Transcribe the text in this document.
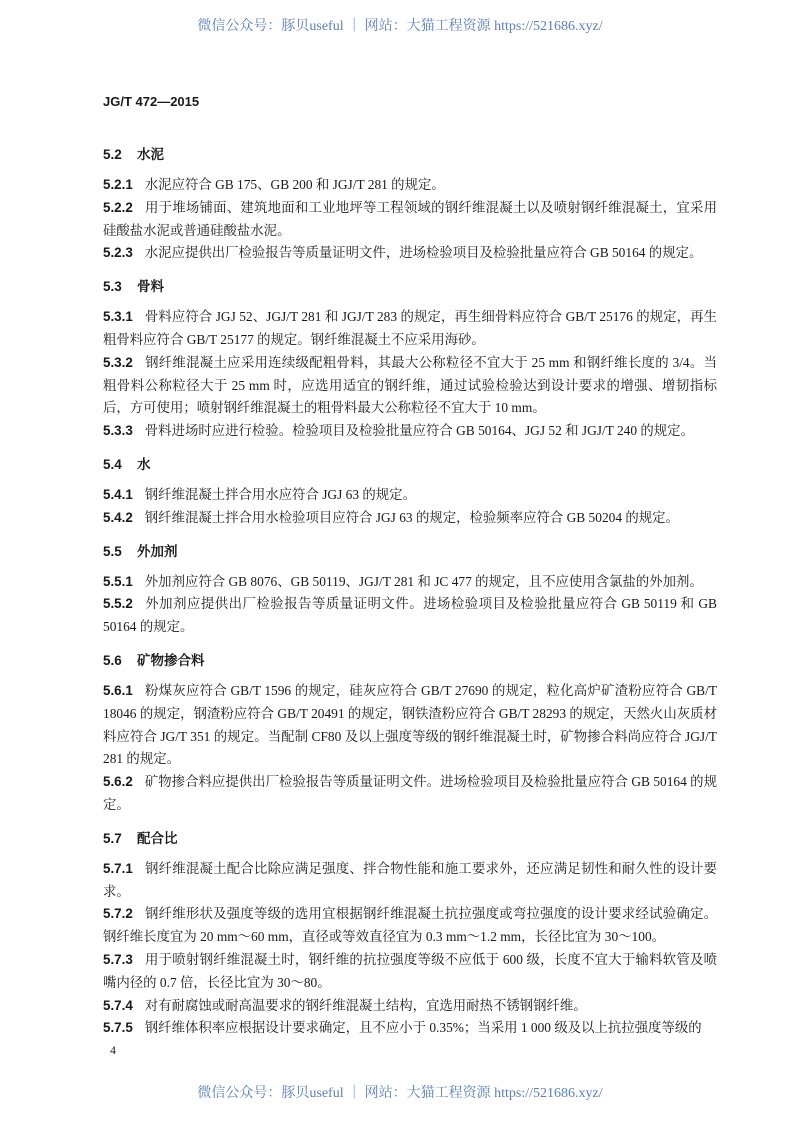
微信公众号：豚贝useful ｜ 网站：大猫工程资源 https://521686.xyz/
JG/T 472—2015
5.2 水泥
5.2.1 水泥应符合 GB 175、GB 200 和 JGJ/T 281 的规定。
5.2.2 用于堆场铺面、建筑地面和工业地坪等工程领域的钢纤维混凝土以及喷射钢纤维混凝土，宜采用硅酸盐水泥或普通硅酸盐水泥。
5.2.3 水泥应提供出厂检验报告等质量证明文件，进场检验项目及检验批量应符合 GB 50164 的规定。
5.3 骨料
5.3.1 骨料应符合 JGJ 52、JGJ/T 281 和 JGJ/T 283 的规定，再生细骨料应符合 GB/T 25176 的规定，再生粗骨料应符合 GB/T 25177 的规定。钢纤维混凝土不应采用海砂。
5.3.2 钢纤维混凝土应采用连续级配粗骨料，其最大公称粒径不宜大于 25 mm 和钢纤维长度的 3/4。当粗骨料公称粒径大于 25 mm 时，应选用适宜的钢纤维，通过试验检验达到设计要求的增强、增韧指标后，方可使用；喷射钢纤维混凝土的粗骨料最大公称粒径不宜大于 10 mm。
5.3.3 骨料进场时应进行检验。检验项目及检验批量应符合 GB 50164、JGJ 52 和 JGJ/T 240 的规定。
5.4 水
5.4.1 钢纤维混凝土拌合用水应符合 JGJ 63 的规定。
5.4.2 钢纤维混凝土拌合用水检验项目应符合 JGJ 63 的规定，检验频率应符合 GB 50204 的规定。
5.5 外加剂
5.5.1 外加剂应符合 GB 8076、GB 50119、JGJ/T 281 和 JC 477 的规定，且不应使用含氯盐的外加剂。
5.5.2 外加剂应提供出厂检验报告等质量证明文件。进场检验项目及检验批量应符合 GB 50119 和 GB 50164 的规定。
5.6 矿物掺合料
5.6.1 粉煤灰应符合 GB/T 1596 的规定，硅灰应符合 GB/T 27690 的规定，粒化高炉矿渣粉应符合 GB/T 18046 的规定，钢渣粉应符合 GB/T 20491 的规定，钢铁渣粉应符合 GB/T 28293 的规定，天然火山灰质材料应符合 JG/T 351 的规定。当配制 CF80 及以上强度等级的钢纤维混凝土时，矿物掺合料尚应符合 JGJ/T 281 的规定。
5.6.2 矿物掺合料应提供出厂检验报告等质量证明文件。进场检验项目及检验批量应符合 GB 50164 的规定。
5.7 配合比
5.7.1 钢纤维混凝土配合比除应满足强度、拌合物性能和施工要求外，还应满足韧性和耐久性的设计要求。
5.7.2 钢纤维形状及强度等级的选用宜根据钢纤维混凝土抗拉强度或弯拉强度的设计要求经试验确定。钢纤维长度宜为 20 mm～60 mm，直径或等效直径宜为 0.3 mm～1.2 mm，长径比宜为 30～100。
5.7.3 用于喷射钢纤维混凝土时，钢纤维的抗拉强度等级不应低于 600 级，长度不宜大于输料软管及喷嘴内径的 0.7 倍，长径比宜为 30～80。
5.7.4 对有耐腐蚀或耐高温要求的钢纤维混凝土结构，宜选用耐热不锈钢钢纤维。
5.7.5 钢纤维体积率应根据设计要求确定，且不应小于 0.35%；当采用 1 000 级及以上抗拉强度等级的
4
微信公众号：豚贝useful ｜ 网站：大猫工程资源 https://521686.xyz/
